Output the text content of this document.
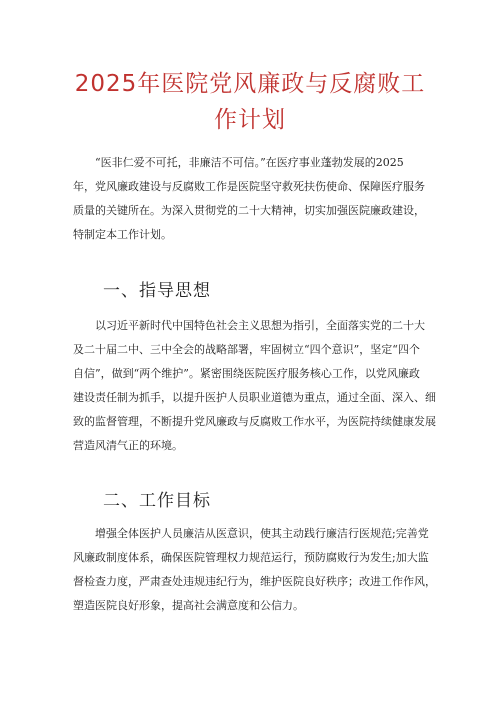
2025年医院党风廉政与反腐败工
作计划
　　“医非仁爱不可托，非廉洁不可信。”在医疗事业蓬勃发展的2025
年，党风廉政建设与反腐败工作是医院坚守救死扶伤使命、保障医疗服务
质量的关键所在。为深入贯彻党的二十大精神，切实加强医院廉政建设，
特制定本工作计划。
一、指导思想
　　以习近平新时代中国特色社会主义思想为指引，全面落实党的二十大
及二十届二中、三中全会的战略部署，牢固树立“四个意识”，坚定“四个
自信”，做到“两个维护”。紧密围绕医院医疗服务核心工作，以党风廉政
建设责任制为抓手，以提升医护人员职业道德为重点，通过全面、深入、细
致的监督管理，不断提升党风廉政与反腐败工作水平，为医院持续健康发展
营造风清气正的环境。
二、工作目标
　　增强全体医护人员廉洁从医意识，使其主动践行廉洁行医规范;完善党
风廉政制度体系，确保医院管理权力规范运行，预防腐败行为发生;加大监
督检查力度，严肃查处违规违纪行为，维护医院良好秩序；改进工作作风，
塑造医院良好形象，提高社会满意度和公信力。
